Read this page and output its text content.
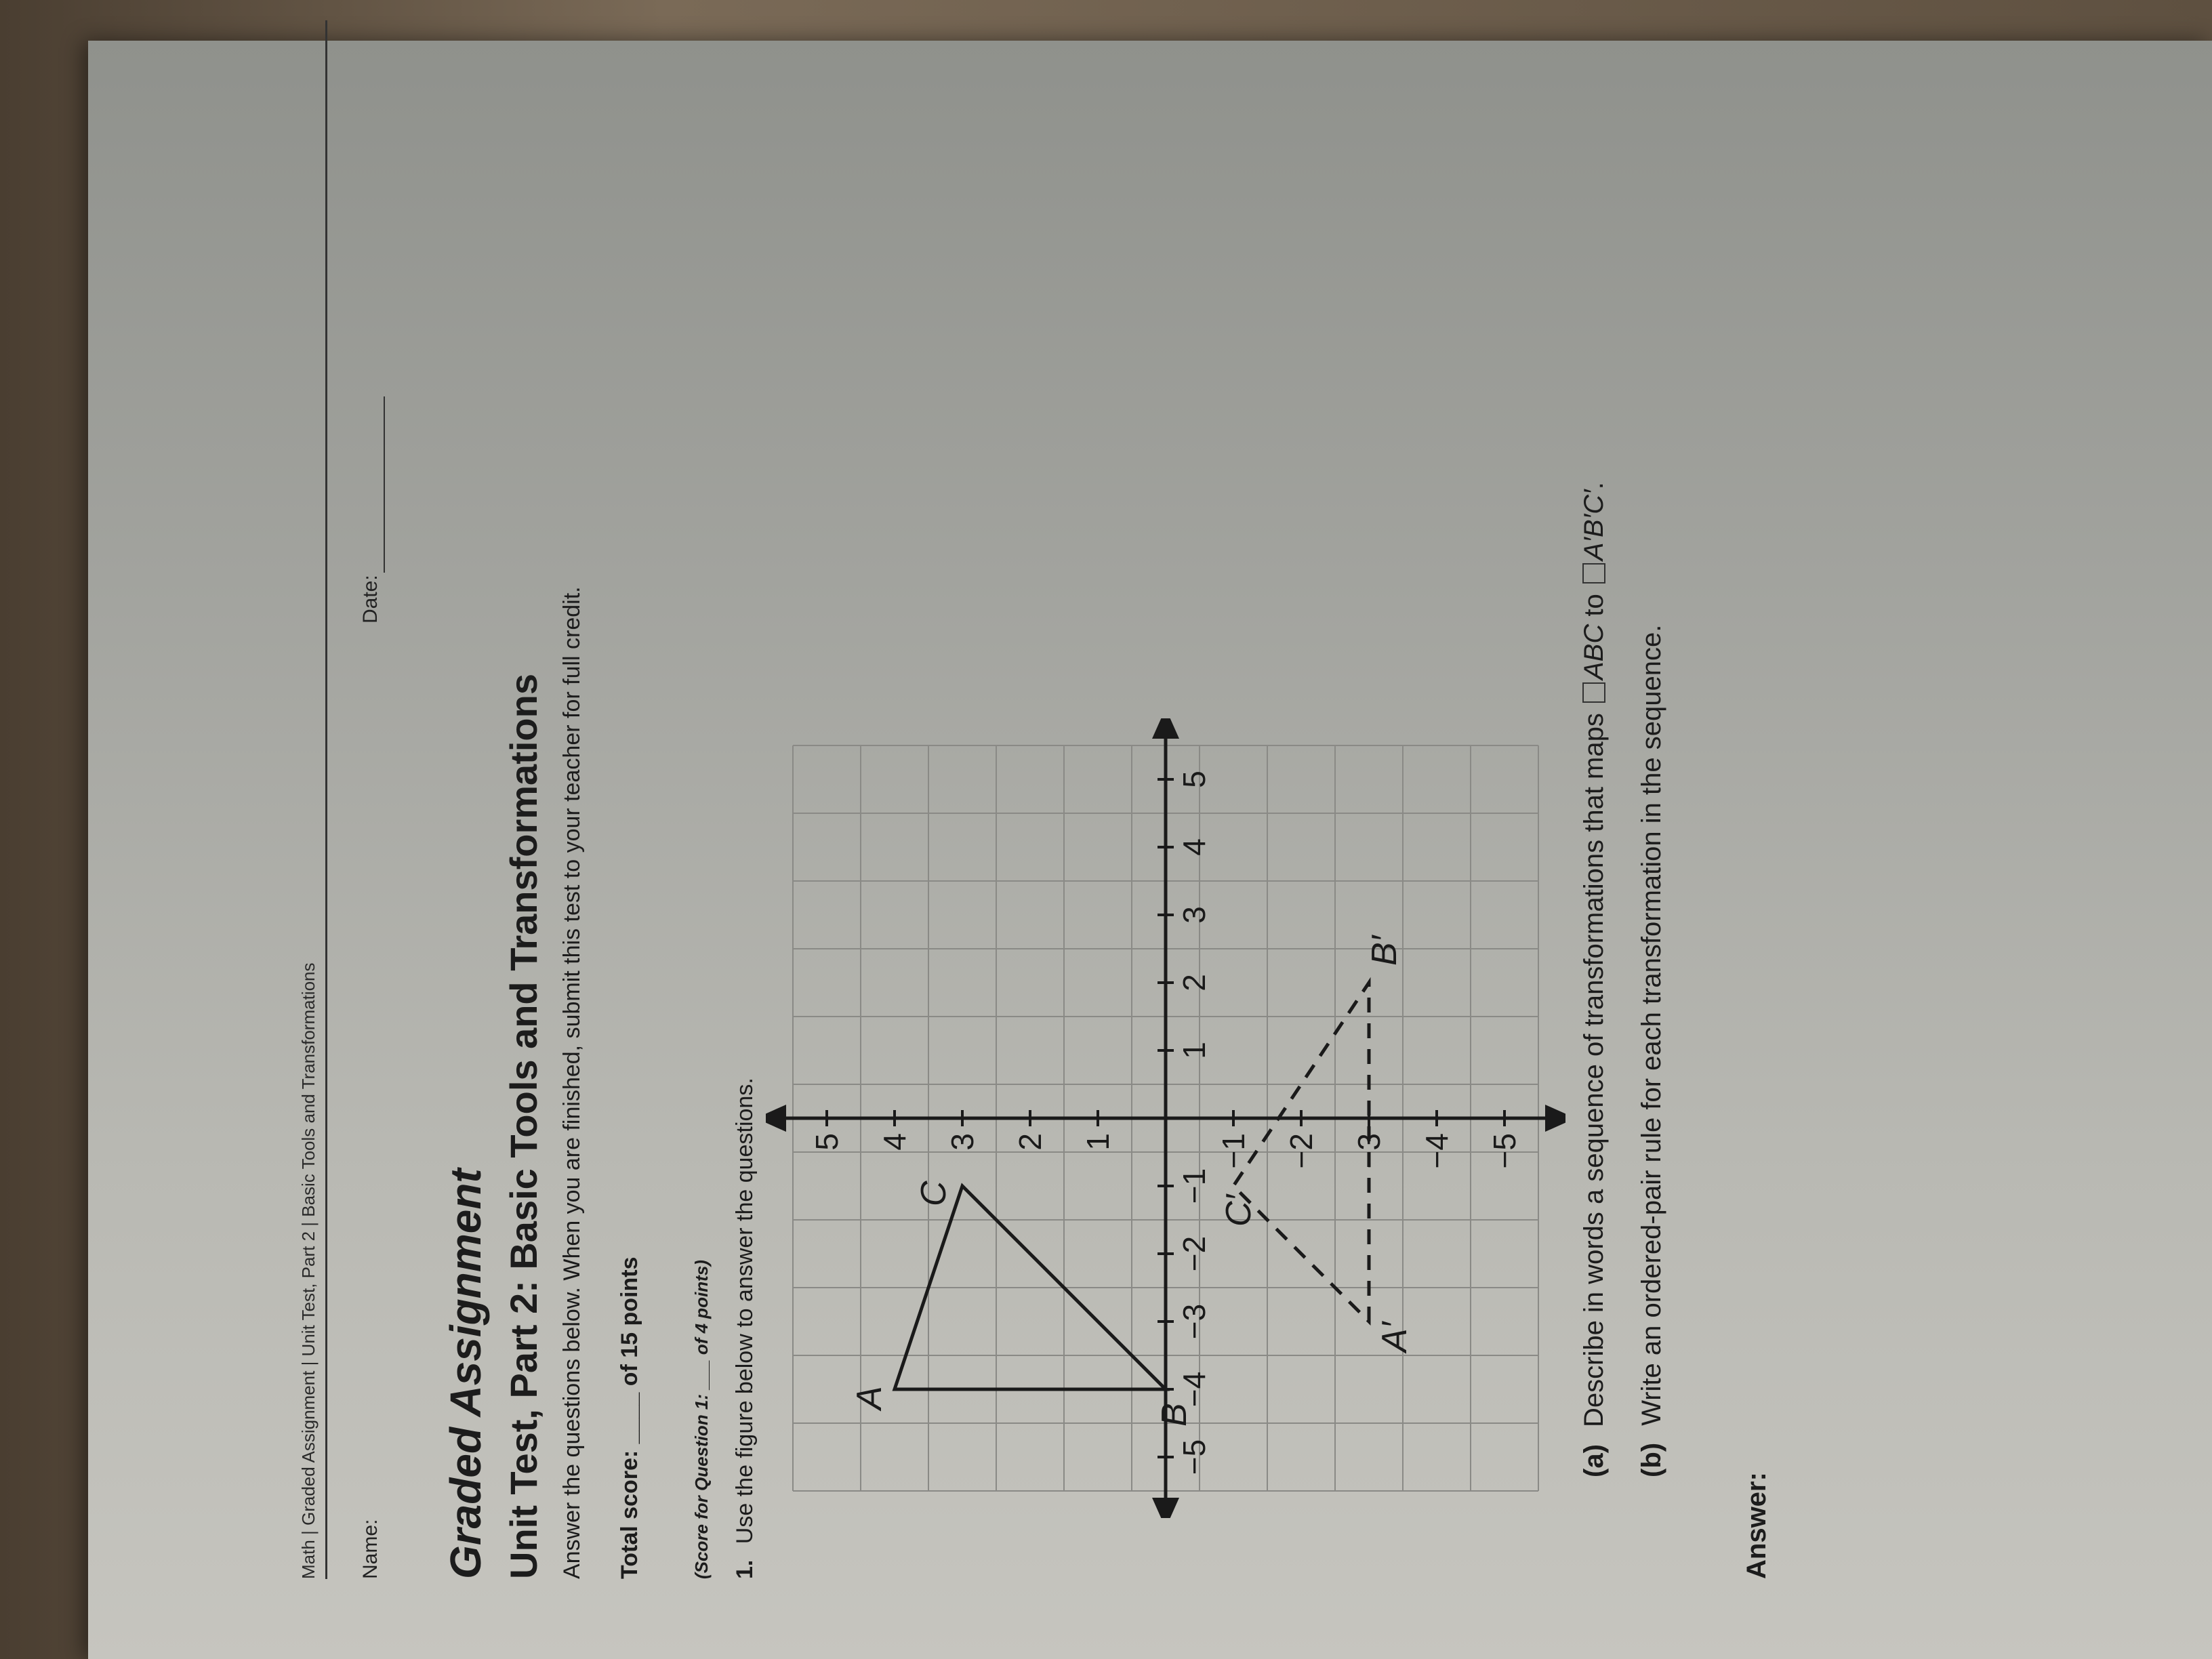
Math | Graded Assignment | Unit Test, Part 2 | Basic Tools and Transformations Name:
Date:
Graded Assignment Unit Test, Part 2: Basic Tools and Transformations Answer the questions below. When you are finished, submit this test to your teacher for full credit. Total score: ____ of 15 points	(Score for Question 1: ___ of 4 points) 1. Use the figure below to answer the questions.	−5
−4
−3
−2
−1
1
2
3
4
5
5 4 3 2 1	−1 −2 −3 −4 −5
A
B
C
A′
B′
C′
(a) Describe in words a sequence of transformations that maps ABC to A′B′C′.
(b) Write an ordered-pair rule for each transformation in the sequence.
Answer:
